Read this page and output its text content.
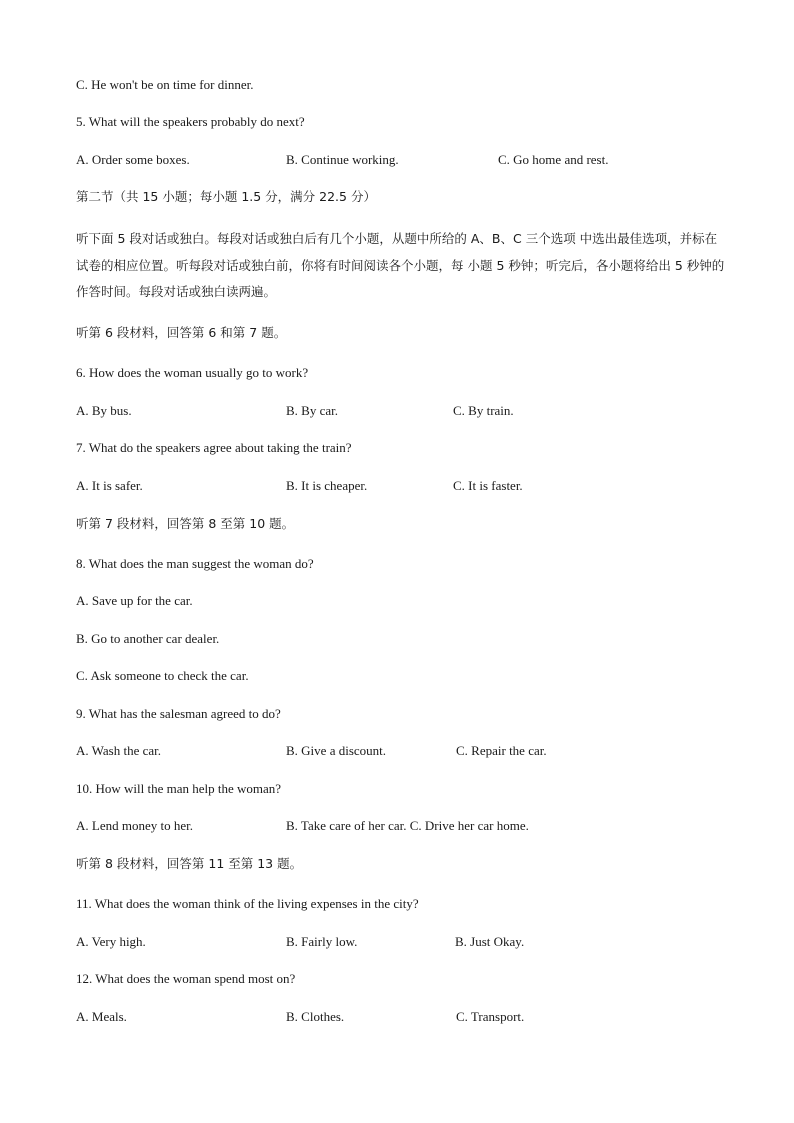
C. He won't be on time for dinner.
5. What will the speakers probably do next?
A. Order some boxes.	B. Continue working.	C. Go home and rest.
第二节（共 15 小题；每小题 1.5 分，满分 22.5 分）
听下面 5 段对话或独白。每段对话或独白后有几个小题，从题中所给的 A、B、C 三个选项 中选出最佳选项，并标在试卷的相应位置。听每段对话或独白前，你将有时间阅读各个小题，每 小题 5 秒钟；听完后，各小题将给出 5 秒钟的作答时间。每段对话或独白读两遍。
听第 6 段材料，回答第 6 和第 7 题。
6. How does the woman usually go to work?
A. By bus.	B. By car.	C. By train.
7. What do the speakers agree about taking the train?
A. It is safer.	B. It is cheaper.	C. It is faster.
听第 7 段材料，回答第 8 至第 10 题。
8. What does the man suggest the woman do?
A. Save up for the car.
B. Go to another car dealer.
C. Ask someone to check the car.
9. What has the salesman agreed to do?
A. Wash the car.	B. Give a discount.	C. Repair the car.
10. How will the man help the woman?
A. Lend money to her.	B. Take care of her car. C. Drive her car home.
听第 8 段材料，回答第 11 至第 13 题。
11. What does the woman think of the living expenses in the city?
A. Very high.	B. Fairly low.	B. Just Okay.
12. What does the woman spend most on?
A. Meals.	B. Clothes.	C. Transport.
